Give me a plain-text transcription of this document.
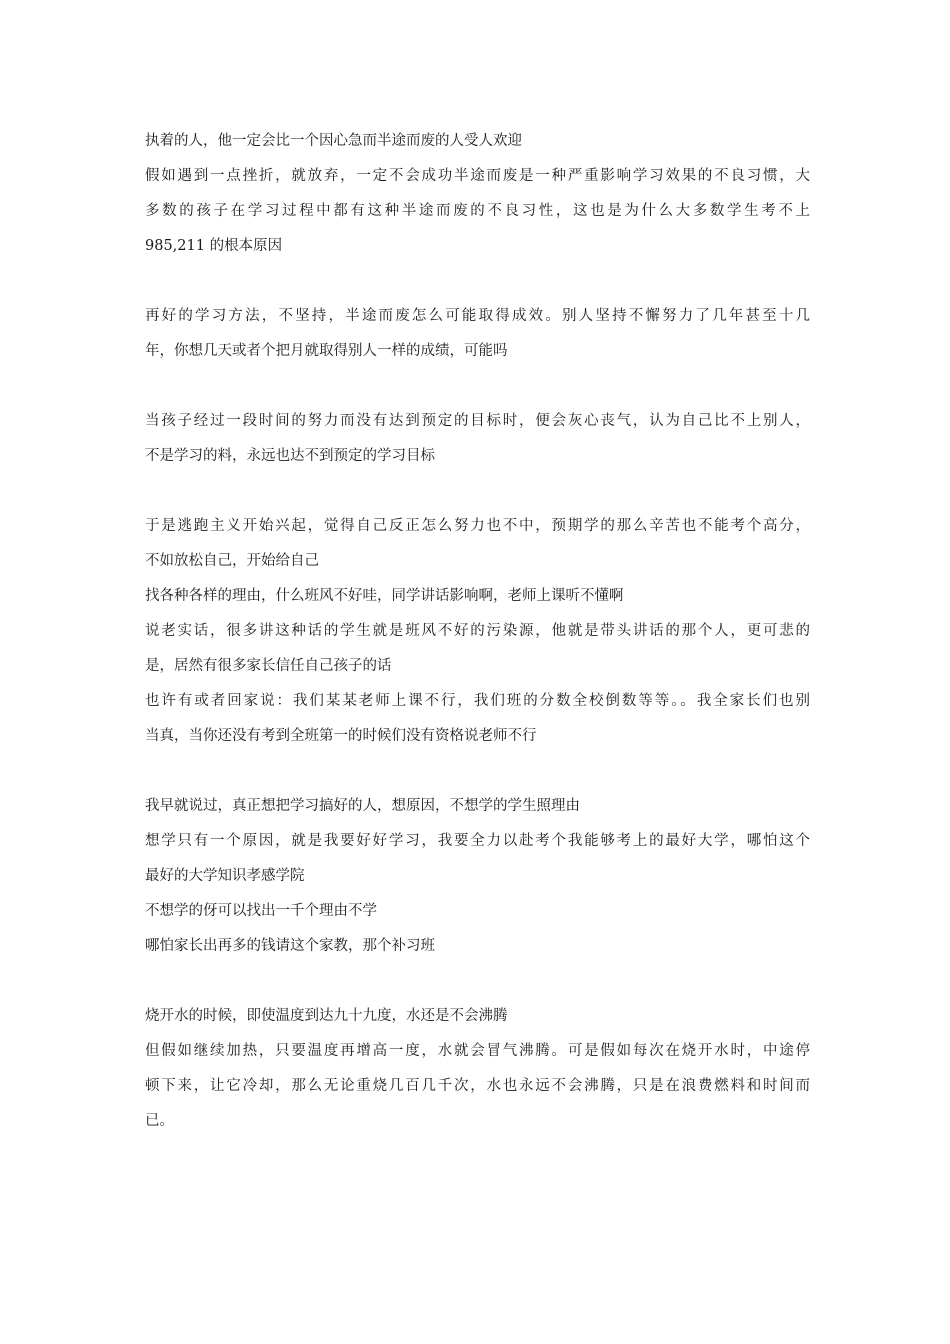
执着的人，他一定会比一个因心急而半途而废的人受人欢迎
假如遇到一点挫折，就放弃，一定不会成功半途而废是一种严重影响学习效果的不良习惯，大
多数的孩子在学习过程中都有这种半途而废的不良习性，这也是为什么大多数学生考不上
985,211 的根本原因
再好的学习方法，不坚持，半途而废怎么可能取得成效。别人坚持不懈努力了几年甚至十几
年，你想几天或者个把月就取得别人一样的成绩，可能吗
当孩子经过一段时间的努力而没有达到预定的目标时，便会灰心丧气，认为自己比不上别人，
不是学习的料，永远也达不到预定的学习目标
于是逃跑主义开始兴起，觉得自己反正怎么努力也不中，预期学的那么辛苦也不能考个高分，
不如放松自己，开始给自己
找各种各样的理由，什么班风不好哇，同学讲话影响啊，老师上课听不懂啊
说老实话，很多讲这种话的学生就是班风不好的污染源，他就是带头讲话的那个人，更可悲的
是，居然有很多家长信任自己孩子的话
也许有或者回家说：我们某某老师上课不行，我们班的分数全校倒数等等。。我全家长们也别
当真，当你还没有考到全班第一的时候们没有资格说老师不行
我早就说过，真正想把学习搞好的人，想原因，不想学的学生照理由
想学只有一个原因，就是我要好好学习，我要全力以赴考个我能够考上的最好大学，哪怕这个
最好的大学知识孝感学院
不想学的伢可以找出一千个理由不学
哪怕家长出再多的钱请这个家教，那个补习班
烧开水的时候，即使温度到达九十九度，水还是不会沸腾
但假如继续加热，只要温度再增高一度，水就会冒气沸腾。可是假如每次在烧开水时，中途停
顿下来，让它冷却，那么无论重烧几百几千次，水也永远不会沸腾，只是在浪费燃料和时间而
已。
